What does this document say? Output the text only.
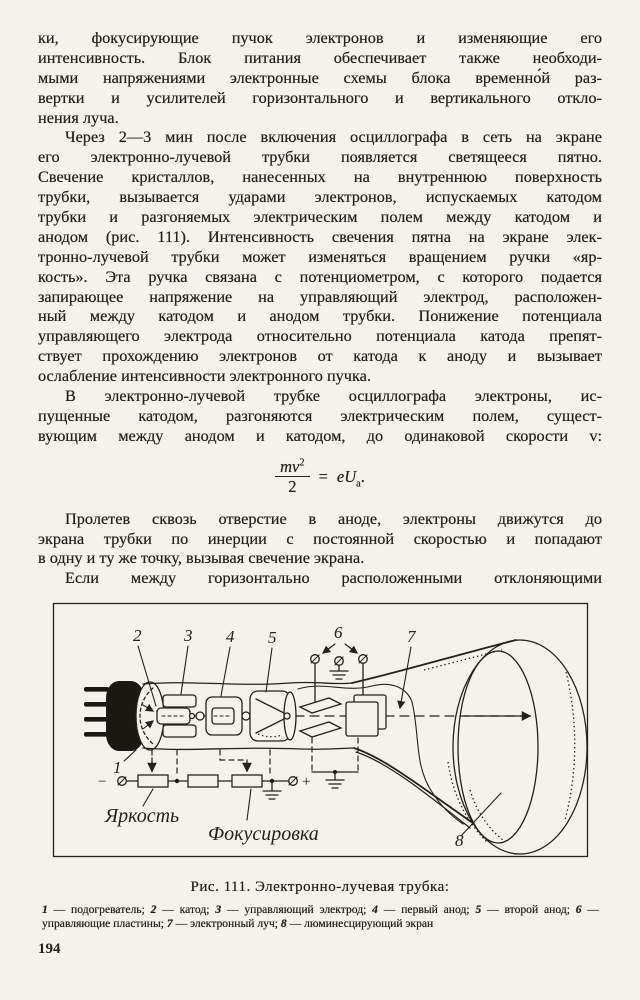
ки, фокусирующие пучок электронов и изменяющие его
интенсивность. Блок питания обеспечивает также необходи-
мыми напряжениями электронные схемы блока временно́й раз-
вертки и усилителей горизонтального и вертикального откло-
нения луча.
Через 2—3 мин после включения осциллографа в сеть на экране
его электронно-лучевой трубки появляется светящееся пятно.
Свечение кристаллов, нанесенных на внутреннюю поверхность
трубки, вызывается ударами электронов, испускаемых катодом
трубки и разгоняемых электрическим полем между катодом и
анодом (рис. 111). Интенсивность свечения пятна на экране элек-
тронно-лучевой трубки может изменяться вращением ручки «яр-
кость». Эта ручка связана с потенциометром, с которого подается
запирающее напряжение на управляющий электрод, расположен-
ный между катодом и анодом трубки. Понижение потенциала
управляющего электрода относительно потенциала катода препят-
ствует прохождению электронов от катода к аноду и вызывает
ослабление интенсивности электронного пучка.
В электронно-лучевой трубке осциллографа электроны, ис-
пущенные катодом, разгоняются электрическим полем, сущест-
вующим между анодом и катодом, до одинаковой скорости v:
$\frac{mv^2}{2} = eU_a$.
Пролетев сквозь отверстие в аноде, электроны движутся до
экрана трубки по инерции с постоянной скоростью и попадают
в одну и ту же точку, вызывая свечение экрана.
Если между горизонтально расположенными отклоняющими
−	+
1
2	3 4 5	6	7
8
Яркость
Фокусировка
Рис. 111. Электронно-лучевая трубка:
1 — подогреватель; 2 — катод; 3 — управляющий электрод; 4 — первый анод; 5 — второй анод; 6 — управляющие пластины; 7 — электронный луч; 8 — люминесцирующий экран
194
